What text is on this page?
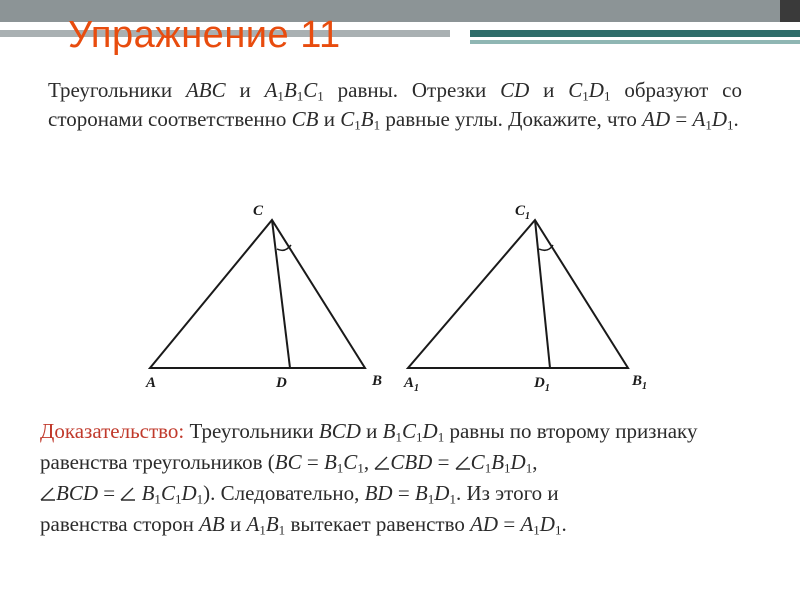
Упражнение 11

Треугольники ABC и $A_1B_1C_1$ равны. Отрезки CD и $C_1D_1$ образуют со сторонами соответственно CB и $C_1B_1$ равные углы. Докажите, что AD = $A_1D_1$.

C
A	D	B
$C_1$
$A_1$	$D_1$	$B_1$

Доказательство: Треугольники BCD и $B_1C_1D_1$ равны по второму признаку равенства треугольников ($BC = B_1C_1$,
CBD =
$C_1B_1D_1$,

BCD =
$B_1C_1D_1$). Следовательно, BD = $B_1D_1$. Из этого и

равенства сторон AB и $A_1B_1$ вытекает равенство AD = $A_1D_1$.
